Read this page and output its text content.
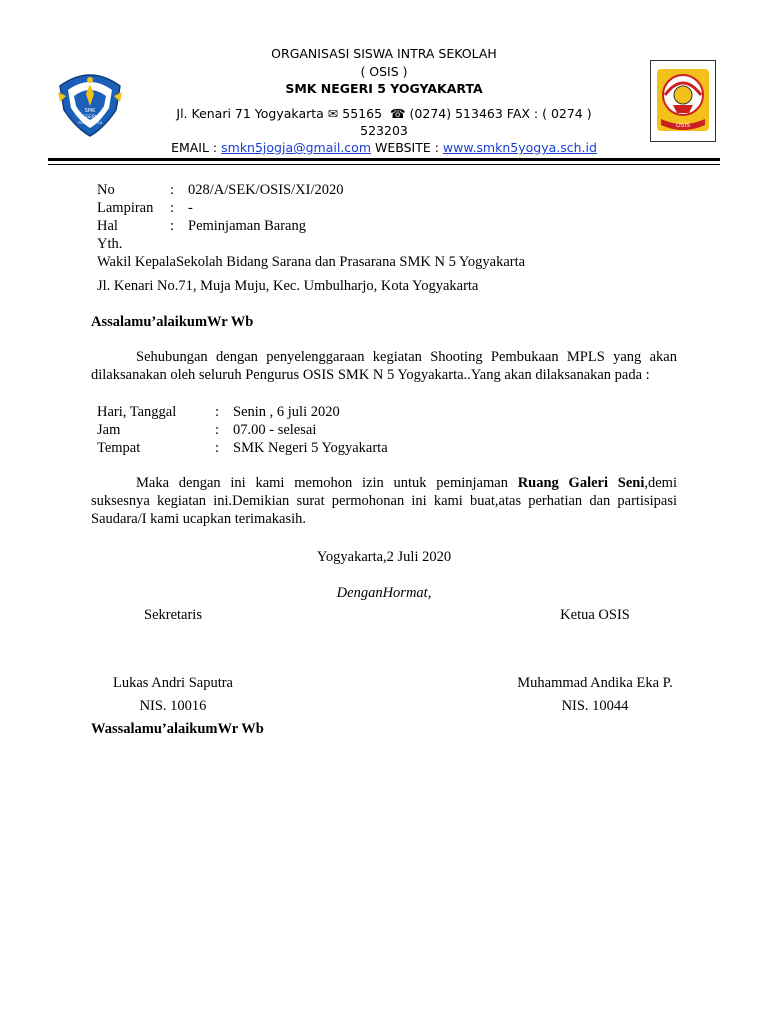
SMK
NEGERI 5
YOGYAKARTA	OSIS
ORGANISASI SISWA INTRA SEKOLAH
( OSIS )
SMK NEGERI 5 YOGYAKARTA
Jl. Kenari 71 Yogyakarta ✉ 55165 ☎ (0274) 513463 FAX : ( 0274 )
523203
EMAIL : smkn5jogja@gmail.com WEBSITE : www.smkn5yogya.sch.id
No	: 028/A/SEK/OSIS/XI/2020
Lampiran : -
Hal	: Peminjaman Barang
Yth.
Wakil KepalaSekolah Bidang Sarana dan Prasarana SMK N 5 Yogyakarta
Jl. Kenari No.71, Muja Muju, Kec. Umbulharjo, Kota Yogyakarta
Assalamu’alaikumWr Wb
Sehubungan dengan penyelenggaraan kegiatan Shooting Pembukaan MPLS yang akan dilaksanakan oleh seluruh Pengurus OSIS SMK N 5 Yogyakarta..Yang akan dilaksanakan pada :
Hari, Tanggal	: Senin , 6 juli 2020
Jam	: 07.00 - selesai
Tempat	: SMK Negeri 5 Yogyakarta
Maka dengan ini kami memohon izin untuk peminjaman Ruang Galeri Seni,demi suksesnya kegiatan ini.Demikian surat permohonan ini kami buat,atas perhatian dan partisipasi Saudara/I kami ucapkan terimakasih.
Yogyakarta,2 Juli 2020
DenganHormat,
Sekretaris	Ketua OSIS
Lukas Andri Saputra	Muhammad Andika Eka P.
NIS. 10016	NIS. 10044
Wassalamu’alaikumWr Wb
